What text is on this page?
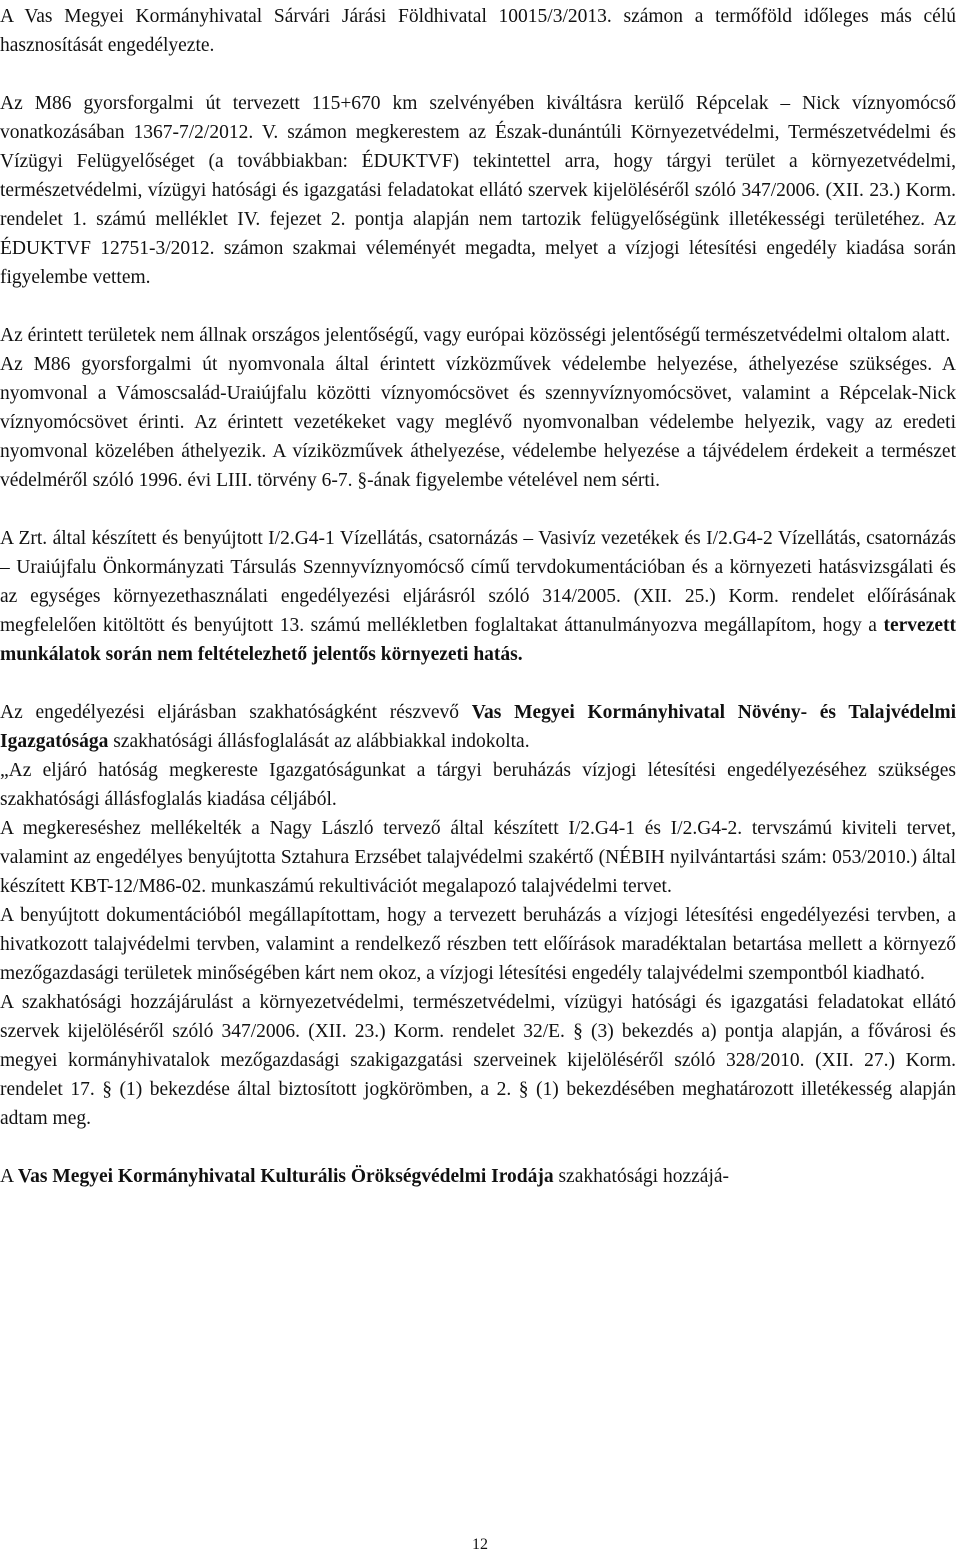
A Vas Megyei Kormányhivatal Sárvári Járási Földhivatal 10015/3/2013. számon a termőföld időleges más célú hasznosítását engedélyezte.

Az M86 gyorsforgalmi út tervezett 115+670 km szelvényében kiváltásra kerülő Répcelak – Nick víznyomócső vonatkozásában 1367-7/2/2012. V. számon megkerestem az Észak-dunántúli Környezetvédelmi, Természetvédelmi és Vízügyi Felügyelőséget (a továbbiakban: ÉDUKTVF) tekintettel arra, hogy tárgyi terület a környezetvédelmi, természetvédelmi, vízügyi hatósági és igazgatási feladatokat ellátó szervek kijelöléséről szóló 347/2006. (XII. 23.) Korm. rendelet 1. számú melléklet IV. fejezet 2. pontja alapján nem tartozik felügyelőségünk illetékességi területéhez. Az ÉDUKTVF 12751-3/2012. számon szakmai véleményét megadta, melyet a vízjogi létesítési engedély kiadása során figyelembe vettem.

Az érintett területek nem állnak országos jelentőségű, vagy európai közösségi jelentőségű természetvédelmi oltalom alatt.

Az M86 gyorsforgalmi út nyomvonala által érintett vízközművek védelembe helyezése, áthelyezése szükséges. A nyomvonal a Vámoscsalád-Uraiújfalu közötti víznyomócsövet és szennyvíznyomócsövet, valamint a Répcelak-Nick víznyomócsövet érinti. Az érintett vezetékeket vagy meglévő nyomvonalban védelembe helyezik, vagy az eredeti nyomvonal közelében áthelyezik. A víziközművek áthelyezése, védelembe helyezése a tájvédelem érdekeit a természet védelméről szóló 1996. évi LIII. törvény 6-7. §-ának figyelembe vételével nem sérti.

A Zrt. által készített és benyújtott I/2.G4-1 Vízellátás, csatornázás – Vasivíz vezetékek és I/2.G4-2 Vízellátás, csatornázás – Uraiújfalu Önkormányzati Társulás Szennyvíznyomócső című tervdokumentációban és a környezeti hatásvizsgálati és az egységes környezethasználati engedélyezési eljárásról szóló 314/2005. (XII. 25.) Korm. rendelet előírásának megfelelően kitöltött és benyújtott 13. számú mellékletben foglaltakat áttanulmányozva megállapítom, hogy a tervezett munkálatok során nem feltételezhető jelentős környezeti hatás.

Az engedélyezési eljárásban szakhatóságként részvevő Vas Megyei Kormányhivatal Növény- és Talajvédelmi Igazgatósága szakhatósági állásfoglalását az alábbiakkal indokolta.

„Az eljáró hatóság megkereste Igazgatóságunkat a tárgyi beruházás vízjogi létesítési engedélyezéséhez szükséges szakhatósági állásfoglalás kiadása céljából.

A megkereséshez mellékelték a Nagy László tervező által készített I/2.G4-1 és I/2.G4-2. tervszámú kiviteli tervet, valamint az engedélyes benyújtotta Sztahura Erzsébet talajvédelmi szakértő (NÉBIH nyilvántartási szám: 053/2010.) által készített KBT-12/M86-02. munkaszámú rekultivációt megalapozó talajvédelmi tervet.

A benyújtott dokumentációból megállapítottam, hogy a tervezett beruházás a vízjogi létesítési engedélyezési tervben, a hivatkozott talajvédelmi tervben, valamint a rendelkező részben tett előírások maradéktalan betartása mellett a környező mezőgazdasági területek minőségében kárt nem okoz, a vízjogi létesítési engedély talajvédelmi szempontból kiadható.

A szakhatósági hozzájárulást a környezetvédelmi, természetvédelmi, vízügyi hatósági és igazgatási feladatokat ellátó szervek kijelöléséről szóló 347/2006. (XII. 23.) Korm. rendelet 32/E. § (3) bekezdés a) pontja alapján, a fővárosi és megyei kormányhivatalok mezőgazdasági szakigazgatási szerveinek kijelöléséről szóló 328/2010. (XII. 27.) Korm. rendelet 17. § (1) bekezdése által biztosított jogkörömben, a 2. § (1) bekezdésében meghatározott illetékesség alapján adtam meg.

A Vas Megyei Kormányhivatal Kulturális Örökségvédelmi Irodája szakhatósági hozzájá-

12
